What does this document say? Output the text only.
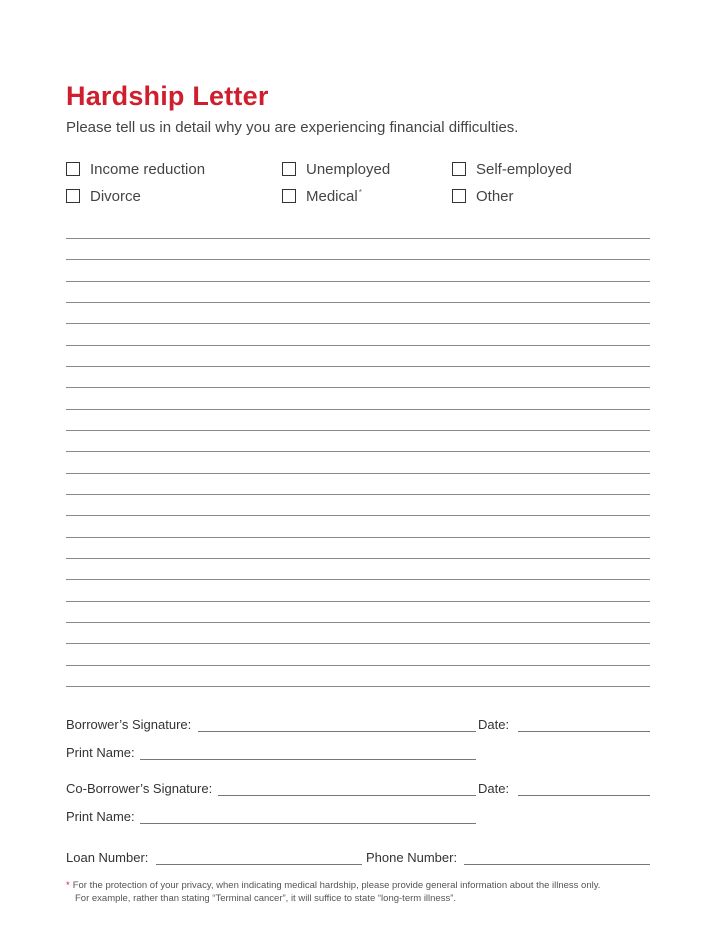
Hardship Letter

Please tell us in detail why you are experiencing financial difficulties.

Income reduction	Unemployed	Self-employed
Divorce	Medical*	Other
Borrower’s Signature:	Date:
Print Name:
Co-Borrower’s Signature:	Date:
Print Name:
Loan Number:	Phone Number:

* For the protection of your privacy, when indicating medical hardship, please provide general information about the illness only.
For example, rather than stating “Terminal cancer”, it will suffice to state “long-term illness”.
